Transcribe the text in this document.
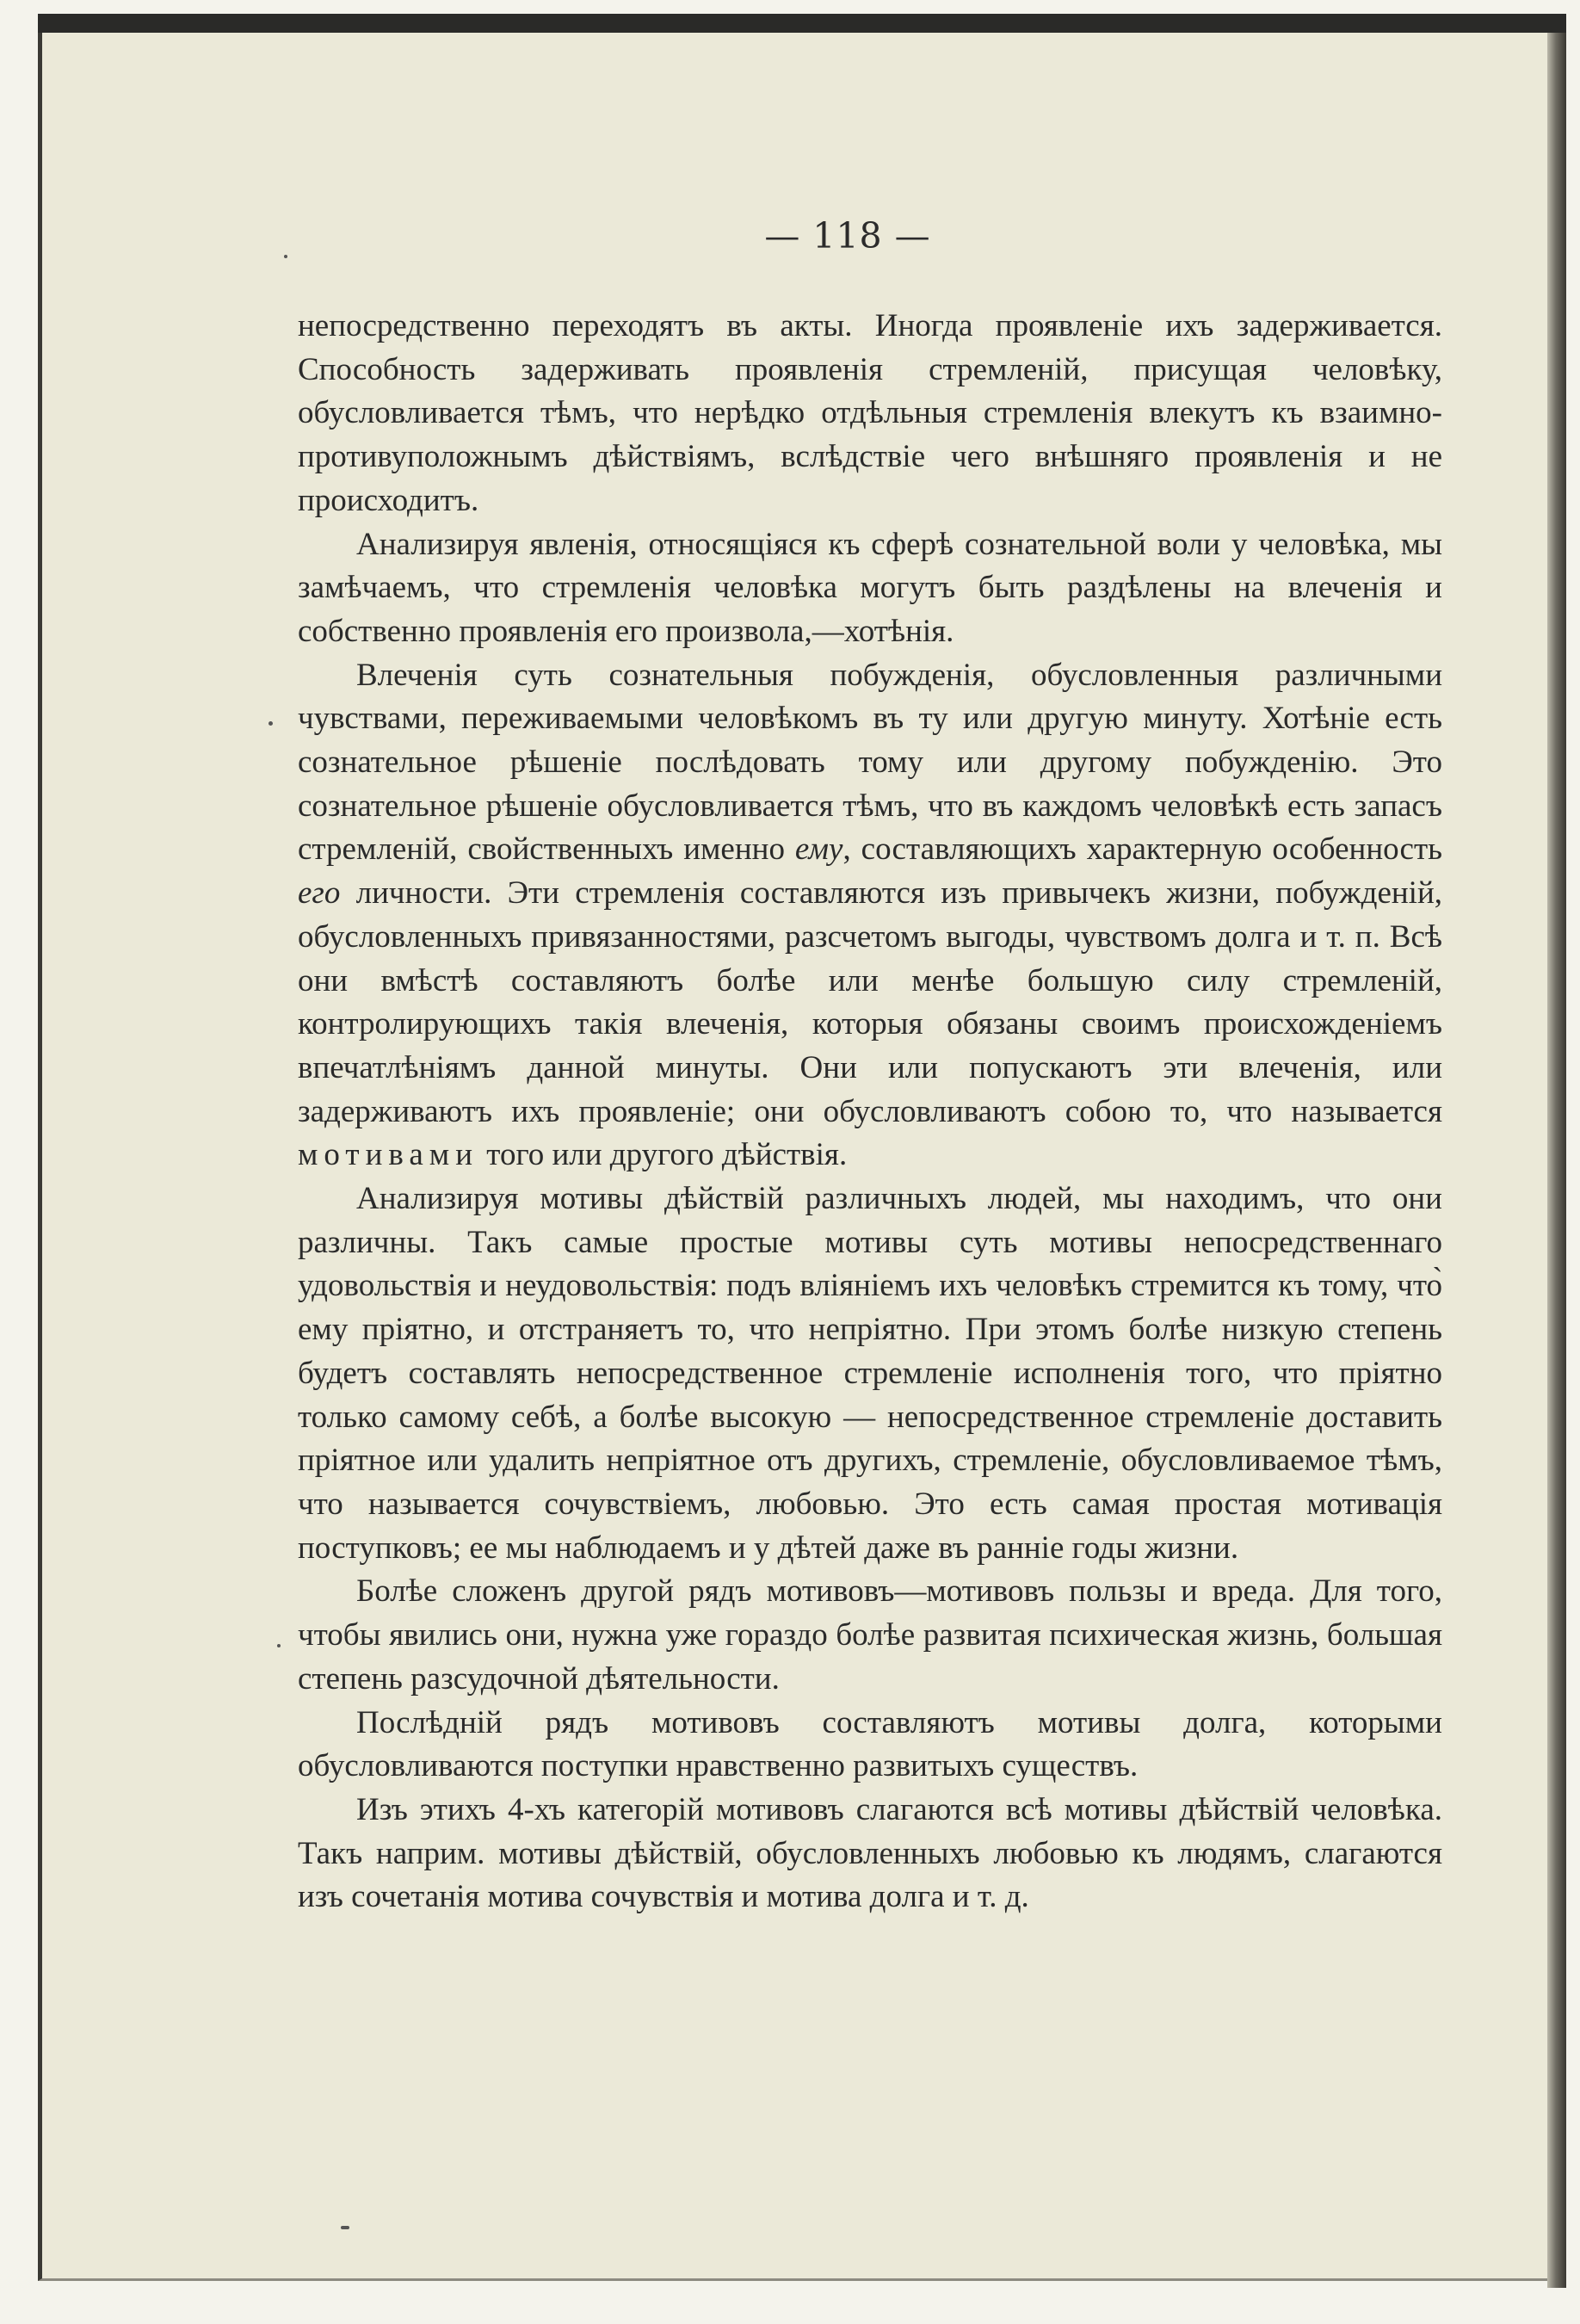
— 118 —

непосредственно переходятъ въ акты. Иногда проявленіе ихъ задерживается. Способность задерживать проявленія стремленій, присущая человѣку, обусловливается тѣмъ, что нерѣдко отдѣльныя стремленія влекутъ къ взаимно-противуположнымъ дѣйствіямъ, вслѣдствіе чего внѣшняго проявленія и не происходитъ.

Анализируя явленія, относящіяся къ сферѣ сознательной воли у человѣка, мы замѣчаемъ, что стремленія человѣка могутъ быть раздѣлены на влеченія и собственно проявленія его произвола,—хотѣнія.

Влеченія суть сознательныя побужденія, обусловленныя различными чувствами, переживаемыми человѣкомъ въ ту или другую минуту. Хотѣніе есть сознательное рѣшеніе послѣдовать тому или другому побужденію. Это сознательное рѣшеніе обусловливается тѣмъ, что въ каждомъ человѣкѣ есть запасъ стремленій, свойственныхъ именно ему, составляющихъ характерную особенность его личности. Эти стремленія составляются изъ привычекъ жизни, побужденій, обусловленныхъ привязанностями, разсчетомъ выгоды, чувствомъ долга и т. п. Всѣ они вмѣстѣ составляютъ болѣе или менѣе большую силу стремленій, контролирующихъ такія влеченія, которыя обязаны своимъ происхожденіемъ впечатлѣніямъ данной минуты. Они или попускаютъ эти влеченія, или задерживаютъ ихъ проявленіе; они обусловливаютъ собою то, что называется мотивами того или другого дѣйствія.

Анализируя мотивы дѣйствій различныхъ людей, мы находимъ, что они различны. Такъ самые простые мотивы суть мотивы непосредственнаго удовольствія и неудовольствія: подъ вліяніемъ ихъ человѣкъ стремится къ тому, что̀ ему пріятно, и отстраняетъ то, что непріятно. При этомъ болѣе низкую степень будетъ составлять непосредственное стремленіе исполненія того, что пріятно только самому себѣ, а болѣе высокую — непосредственное стремленіе доставить пріятное или удалить непріятное отъ другихъ, стремленіе, обусловливаемое тѣмъ, что называется сочувствіемъ, любовью. Это есть самая простая мотивація поступковъ; ее мы наблюдаемъ и у дѣтей даже въ ранніе годы жизни.

Болѣе сложенъ другой рядъ мотивовъ—мотивовъ пользы и вреда. Для того, чтобы явились они, нужна уже гораздо болѣе развитая психическая жизнь, большая степень разсудочной дѣятельности.

Послѣдній рядъ мотивовъ составляютъ мотивы долга, которыми обусловливаются поступки нравственно развитыхъ существъ.

Изъ этихъ 4-хъ категорій мотивовъ слагаются всѣ мотивы дѣйствій человѣка. Такъ наприм. мотивы дѣйствій, обусловленныхъ любовью къ людямъ, слагаются изъ сочетанія мотива сочувствія и мотива долга и т. д.
